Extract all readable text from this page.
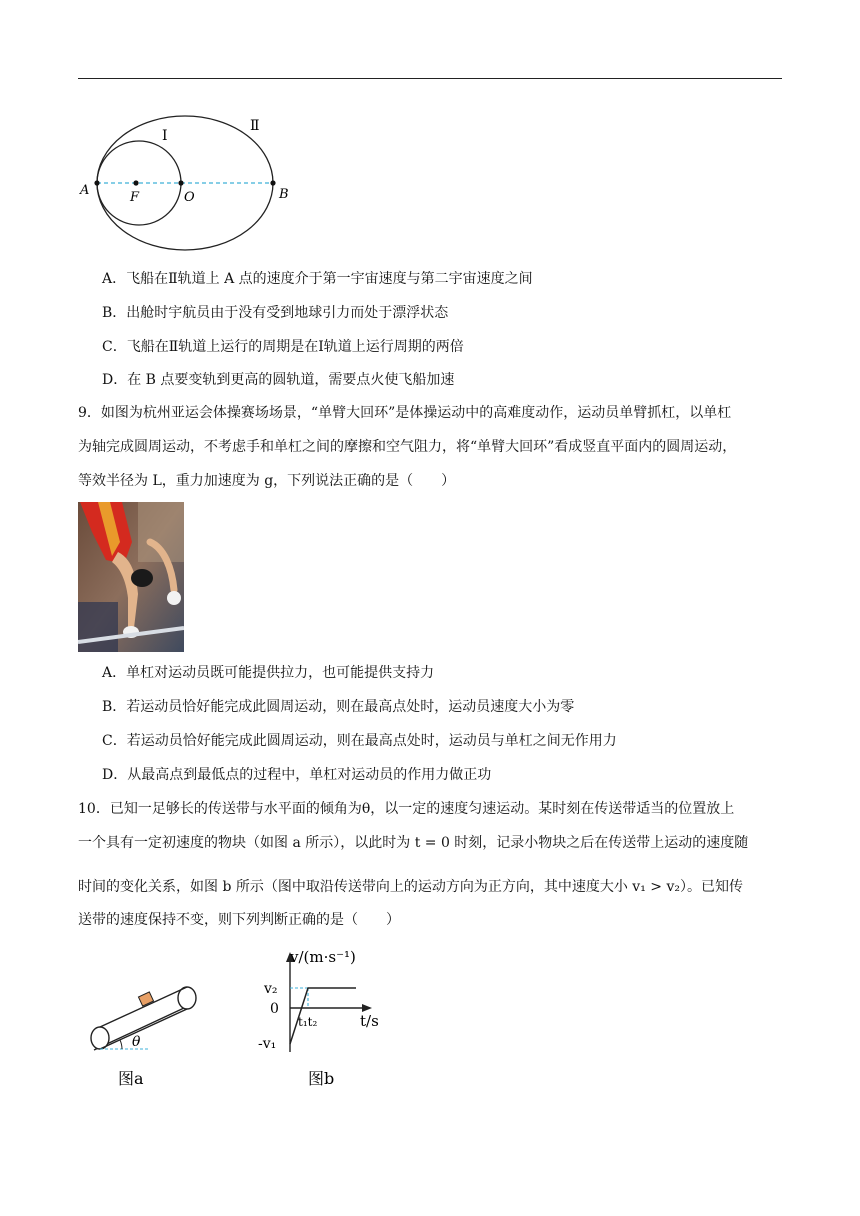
Ⅰ
Ⅱ
A	F	O	B
A．飞船在Ⅱ轨道上 A 点的速度介于第一宇宙速度与第二宇宙速度之间
B．出舱时宇航员由于没有受到地球引力而处于漂浮状态
C．飞船在Ⅱ轨道上运行的周期是在Ⅰ轨道上运行周期的两倍
D．在 B 点要变轨到更高的圆轨道，需要点火使飞船加速
9．如图为杭州亚运会体操赛场场景，“单臂大回环”是体操运动中的高难度动作，运动员单臂抓杠，以单杠
为轴完成圆周运动，不考虑手和单杠之间的摩擦和空气阻力，将“单臂大回环”看成竖直平面内的圆周运动，
等效半径为 L，重力加速度为 g，下列说法正确的是（　　）
A．单杠对运动员既可能提供拉力，也可能提供支持力
B．若运动员恰好能完成此圆周运动，则在最高点处时，运动员速度大小为零
C．若运动员恰好能完成此圆周运动，则在最高点处时，运动员与单杠之间无作用力
D．从最高点到最低点的过程中，单杠对运动员的作用力做正功
10．已知一足够长的传送带与水平面的倾角为θ，以一定的速度匀速运动。某时刻在传送带适当的位置放上
一个具有一定初速度的物块（如图 a 所示），以此时为 t = 0 时刻，记录小物块之后在传送带上运动的速度随
时间的变化关系，如图 b 所示（图中取沿传送带向上的运动方向为正方向，其中速度大小 v₁ > v₂）。已知传
送带的速度保持不变，则下列判断正确的是（　　）
θ
图a
v/(m·s⁻¹)
v₂
0
-v₁
t₁t₂	t/s
图b
